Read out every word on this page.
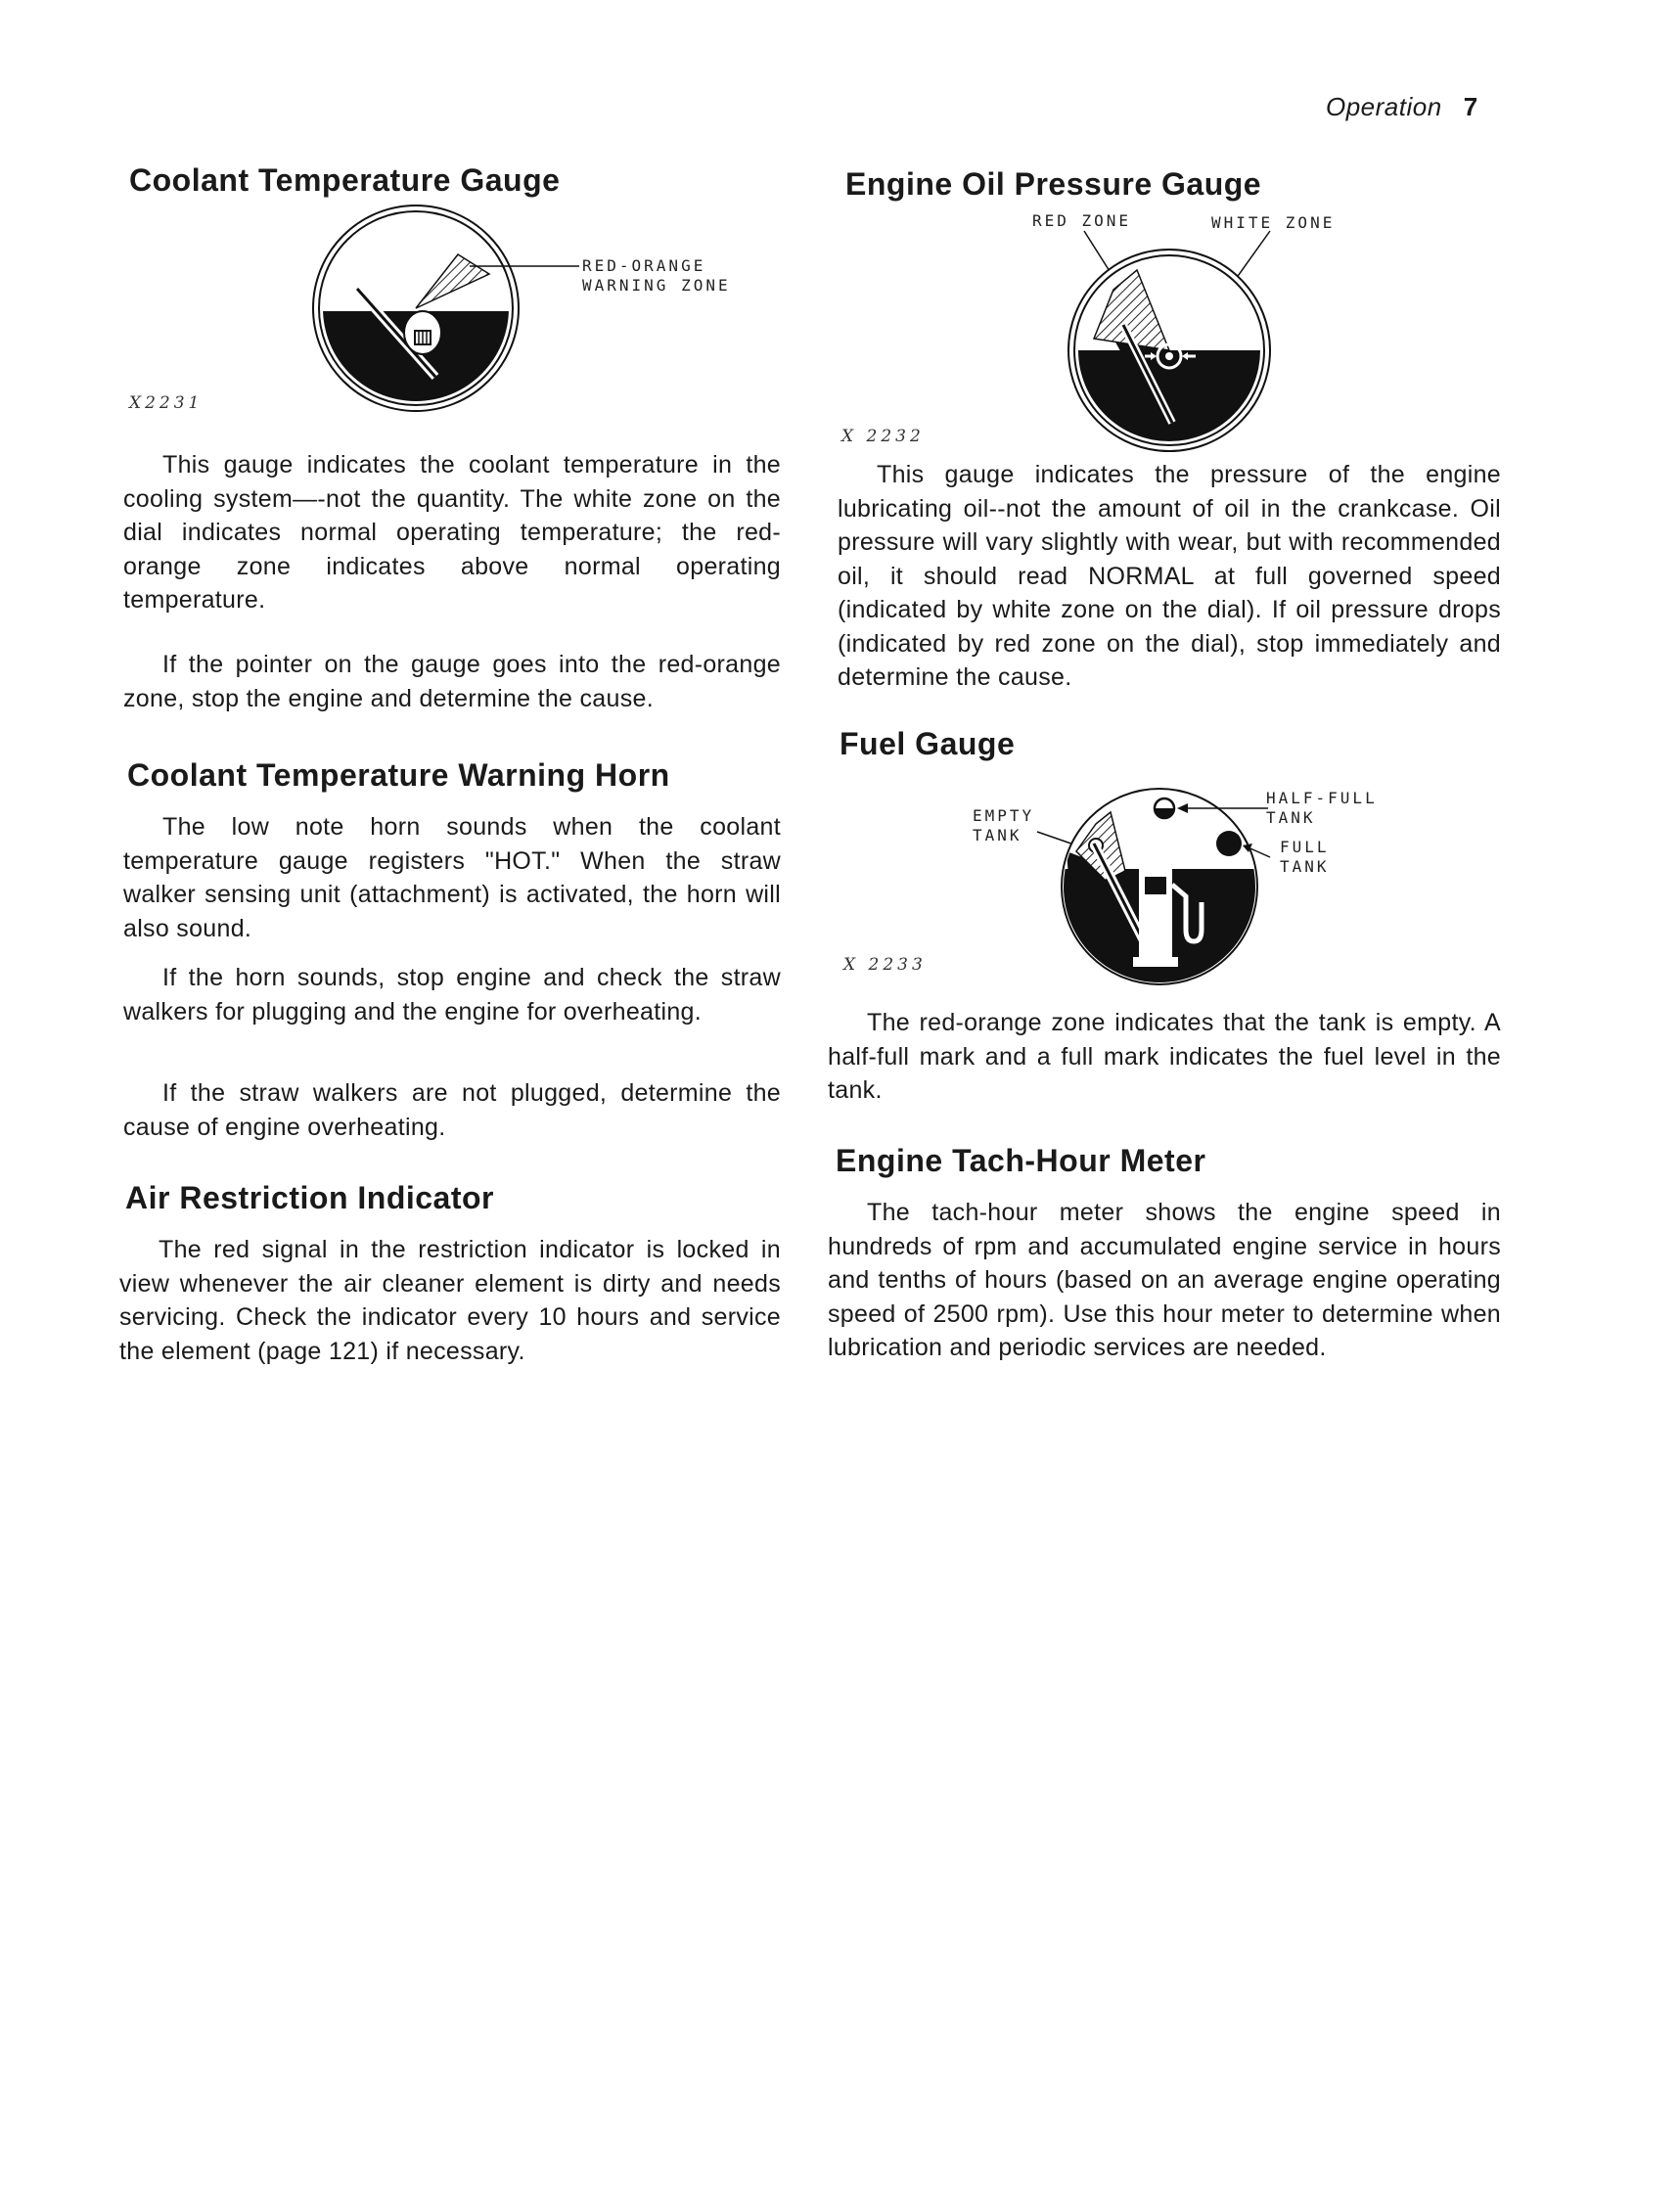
Operation 7
Coolant Temperature Gauge
RED-ORANGE
WARNING ZONE
X2231

This gauge indicates the coolant temperature in the cooling system—-not the quantity. The white zone on the dial indicates normal operating temperature; the red-orange zone indicates above normal operating temperature.

If the pointer on the gauge goes into the red-orange zone, stop the engine and determine the cause.

Coolant Temperature Warning Horn

The low note horn sounds when the coolant temperature gauge registers "HOT." When the straw walker sensing unit (attachment) is activated, the horn will also sound.

If the horn sounds, stop engine and check the straw walkers for plugging and the engine for overheating.

If the straw walkers are not plugged, determine the cause of engine overheating.

Air Restriction Indicator

The red signal in the restriction indicator is locked in view whenever the air cleaner element is dirty and needs servicing. Check the indicator every 10 hours and service the element (page 121) if necessary.

Engine Oil Pressure Gauge
RED ZONE	WHITE ZONE
X 2232

This gauge indicates the pressure of the engine lubricating oil--not the amount of oil in the crankcase. Oil pressure will vary slightly with wear, but with recommended oil, it should read NORMAL at full governed speed (indicated by white zone on the dial). If oil pressure drops (indicated by red zone on the dial), stop immediately and determine the cause.

Fuel Gauge
EMPTY
TANK
HALF-FULL
TANK
FULL
TANK
X 2233

The red-orange zone indicates that the tank is empty. A half-full mark and a full mark indicates the fuel level in the tank.

Engine Tach-Hour Meter

The tach-hour meter shows the engine speed in hundreds of rpm and accumulated engine service in hours and tenths of hours (based on an average engine operating speed of 2500 rpm). Use this hour meter to determine when lubrication and periodic services are needed.
